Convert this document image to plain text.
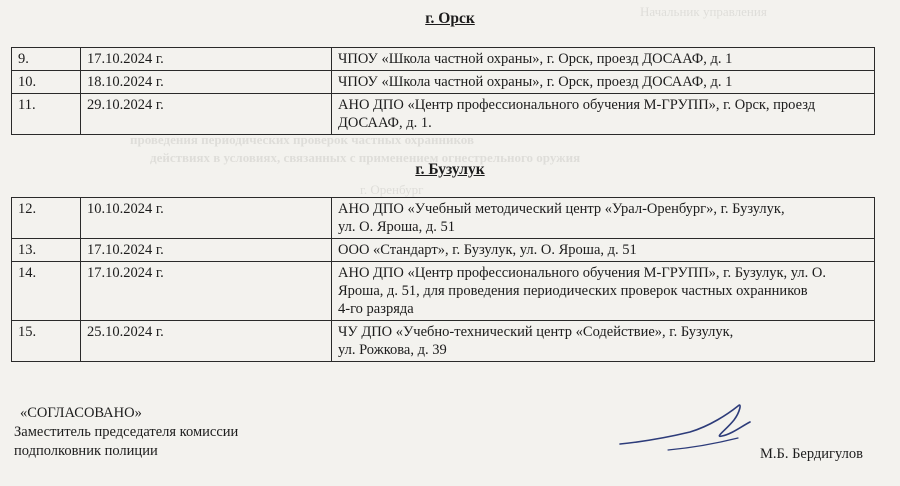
Начальник управления
проведения периодических проверок частных охранников
действиях в условиях, связанных с применением огнестрельного оружия
г. Оренбург
г. Орск
9.	17.10.2024 г.	ЧПОУ «Школа частной охраны», г. Орск, проезд ДОСААФ, д. 1
10.	18.10.2024 г.	ЧПОУ «Школа частной охраны», г. Орск, проезд ДОСААФ, д. 1
11.	29.10.2024 г.	АНО ДПО «Центр профессионального обучения М-ГРУПП», г. Орск, проезд
ДОСААФ, д. 1.
г. Бузулук
12.	10.10.2024 г.	АНО ДПО «Учебный методический центр «Урал-Оренбург», г. Бузулук,
ул. О. Ярошa, д. 51

13.	17.10.2024 г.	ООО «Стандарт», г. Бузулук, ул. О. Яроша, д. 51
14.	17.10.2024 г.	АНО ДПО «Центр профессионального обучения М-ГРУПП», г. Бузулук, ул. О.
Яроша, д. 51, для проведения периодических проверок частных охранников
4-го разряда

15.	25.10.2024 г.	ЧУ ДПО «Учебно-технический центр «Содействие», г. Бузулук,
ул. Рожкова, д. 39
«СОГЛАСОВАНО»
Заместитель председателя комиссии
подполковник полиции	М.Б. Бердигулов
